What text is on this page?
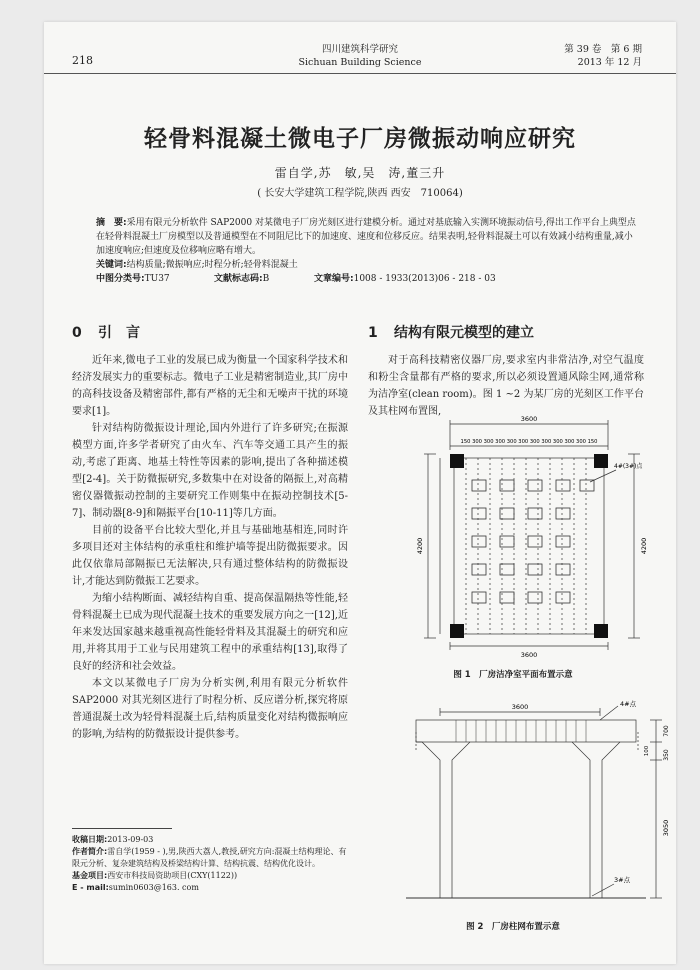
218
四川建筑科学研究
Sichuan Building Science
第 39 卷　第 6 期
2013 年 12 月
轻骨料混凝土微电子厂房微振动响应研究
雷自学,苏　敏,吴　涛,董三升
( 长安大学建筑工程学院,陕西 西安　710064)

摘　要:采用有限元分析软件 SAP2000 对某微电子厂房光刻区进行建模分析。通过对基底输入实测环境振动信号,得出工作平台上典型点在轻骨料混凝土厂房模型以及普通模型在不同阻尼比下的加速度、速度和位移反应。结果表明,轻骨料混凝土可以有效减小结构重量,减小加速度响应;但速度及位移响应略有增大。

关键词:结构质量;微振响应;时程分析;轻骨料混凝土

中图分类号:TU37	文献标志码:B	文章编号:1008 - 1933(2013)06 - 218 - 03
0 引　言

近年来,微电子工业的发展已成为衡量一个国家科学技术和经济发展实力的重要标志。微电子工业是精密制造业,其厂房中的高科技设备及精密部件,都有严格的无尘和无噪声干扰的环境要求[1]。

针对结构防微振设计理论,国内外进行了许多研究;在振源模型方面,许多学者研究了由火车、汽车等交通工具产生的振动,考虑了距离、地基土特性等因素的影响,提出了各种描述模型[2-4]。关于防微振研究,多数集中在对设备的隔振上,对高精密仪器微振动控制的主要研究工作则集中在振动控制技术[5-7]、制动器[8-9]和隔振平台[10-11]等几方面。

目前的设备平台比较大型化,并且与基础地基相连,同时许多项目还对主体结构的承重柱和维护墙等提出防微振要求。因此仅依靠局部隔振已无法解决,只有通过整体结构的防微振设计,才能达到防微振工艺要求。

为缩小结构断面、减轻结构自重、提高保温隔热等性能,轻骨料混凝土已成为现代混凝土技术的重要发展方向之一[12],近年来发达国家越来越重视高性能轻骨料及其混凝土的研究和应用,并将其用于工业与民用建筑工程中的承重结构[13],取得了良好的经济和社会效益。

本文以某微电子厂房为分析实例,利用有限元分析软件 SAP2000 对其光刻区进行了时程分析、反应谱分析,探究将原普通混凝土改为轻骨料混凝土后,结构质量变化对结构微振响应的影响,为结构的防微振设计提供参考。

1 结构有限元模型的建立

对于高科技精密仪器厂房,要求室内非常洁净,对空气温度和粉尘含量都有严格的要求,所以必须设置通风除尘网,通常称为洁净室(clean room)。图 1 ~2 为某厂房的光刻区工作平台及其柱网布置图,

3600
150 300 300 300 300 300 300 300 300 300 300 150
3600
4200	4200
4#(3#)点
图 1　厂房洁净室平面布置示意
3600	4#点
3#点
700
100 350
3050
图 2　厂房柱网布置示意

收稿日期:2013-09-03

作者简介:雷自学(1959 - ),男,陕西大荔人,教授,研究方向:混凝土结构理论、有限元分析、复杂建筑结构及桥梁结构计算、结构抗震、结构优化设计。

基金项目:西安市科技局资助项目(CXY(1122))

E - mail:sumin0603@163. com
